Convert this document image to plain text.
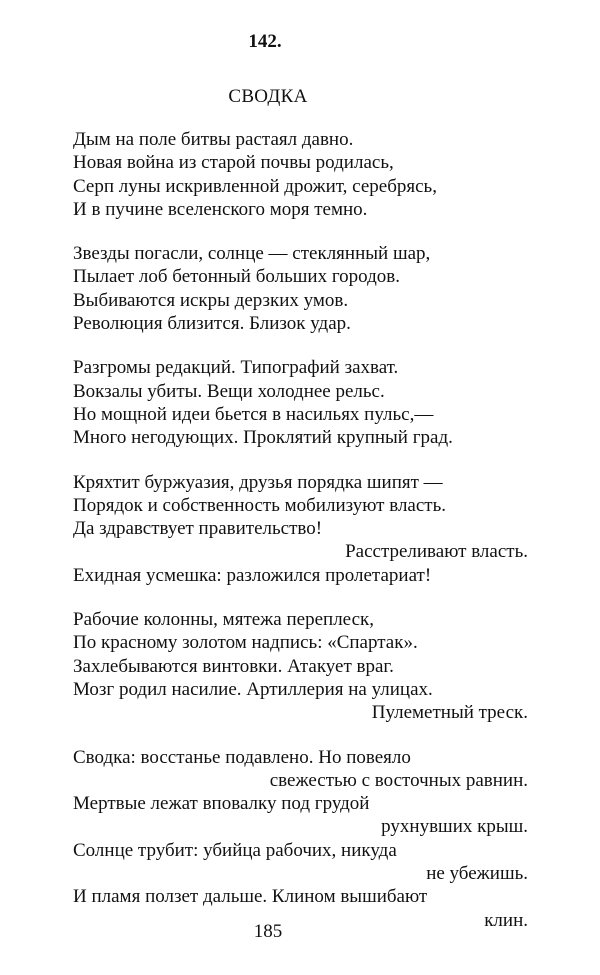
142.
СВОДКА
Дым на поле битвы растаял давно.
Новая война из старой почвы родилась,
Серп луны искривленной дрожит, серебрясь,
И в пучине вселенского моря темно.
Звезды погасли, солнце — стеклянный шар,
Пылает лоб бетонный больших городов.
Выбиваются искры дерзких умов.
Революция близится. Близок удар.
Разгромы редакций. Типографий захват.
Вокзалы убиты. Вещи холоднее рельс.
Но мощной идеи бьется в насильях пульс,—
Много негодующих. Проклятий крупный град.
Кряхтит буржуазия, друзья порядка шипят —
Порядок и собственность мобилизуют власть.
Да здравствует правительство!
Расстреливают власть.
Ехидная усмешка: разложился пролетариат!
Рабочие колонны, мятежа переплеск,
По красному золотом надпись: «Спартак».
Захлебываются винтовки. Атакует враг.
Мозг родил насилие. Артиллерия на улицах.
Пулеметный треск.
Сводка: восстанье подавлено. Но повеяло
свежестью с восточных равнин.
Мертвые лежат вповалку под грудой
рухнувших крыш.
Солнце трубит: убийца рабочих, никуда
не убежишь.
И пламя ползет дальше. Клином вышибают
клин.
185
